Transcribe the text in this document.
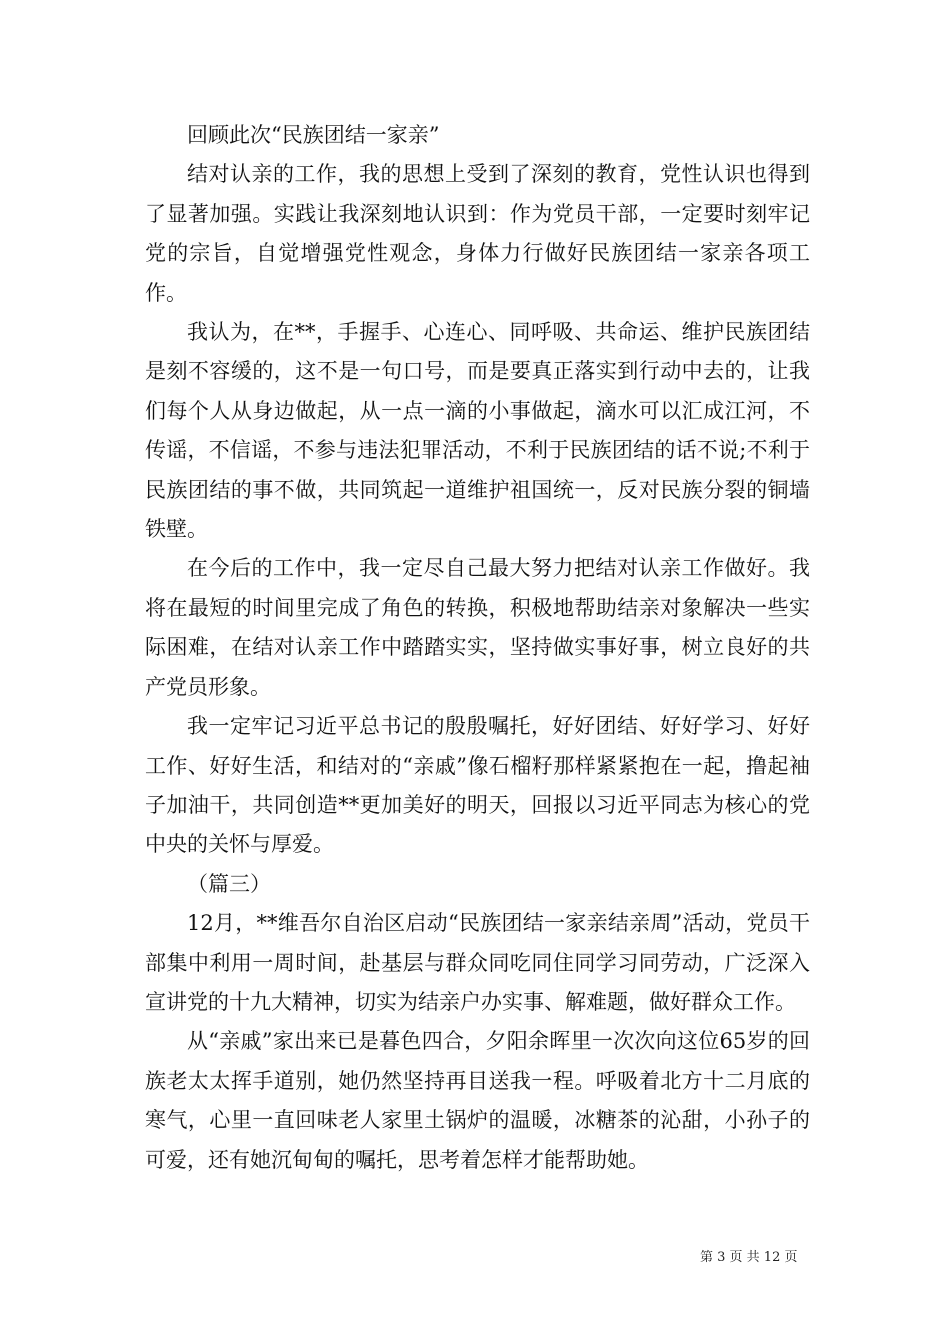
回顾此次“民族团结一家亲”

结对认亲的工作，我的思想上受到了深刻的教育，党性认识也得到了显著加强。实践让我深刻地认识到：作为党员干部，一定要时刻牢记党的宗旨，自觉增强党性观念，身体力行做好民族团结一家亲各项工作。

我认为，在**，手握手、心连心、同呼吸、共命运、维护民族团结是刻不容缓的，这不是一句口号，而是要真正落实到行动中去的，让我们每个人从身边做起，从一点一滴的小事做起，滴水可以汇成江河，不传谣，不信谣，不参与违法犯罪活动，不利于民族团结的话不说;不利于民族团结的事不做，共同筑起一道维护祖国统一，反对民族分裂的铜墙铁壁。

在今后的工作中，我一定尽自己最大努力把结对认亲工作做好。我将在最短的时间里完成了角色的转换，积极地帮助结亲对象解决一些实际困难，在结对认亲工作中踏踏实实，坚持做实事好事，树立良好的共产党员形象。

我一定牢记习近平总书记的殷殷嘱托，好好团结、好好学习、好好工作、好好生活，和结对的“亲戚”像石榴籽那样紧紧抱在一起，撸起袖子加油干，共同创造**更加美好的明天，回报以习近平同志为核心的党中央的关怀与厚爱。

（篇三）

12月，**维吾尔自治区启动“民族团结一家亲结亲周”活动，党员干部集中利用一周时间，赴基层与群众同吃同住同学习同劳动，广泛深入宣讲党的十九大精神，切实为结亲户办实事、解难题，做好群众工作。

从“亲戚”家出来已是暮色四合，夕阳余晖里一次次向这位65岁的回族老太太挥手道别，她仍然坚持再目送我一程。呼吸着北方十二月底的寒气，心里一直回味老人家里土锅炉的温暖，冰糖茶的沁甜，小孙子的可爱，还有她沉甸甸的嘱托，思考着怎样才能帮助她。

第 3 页 共 12 页
